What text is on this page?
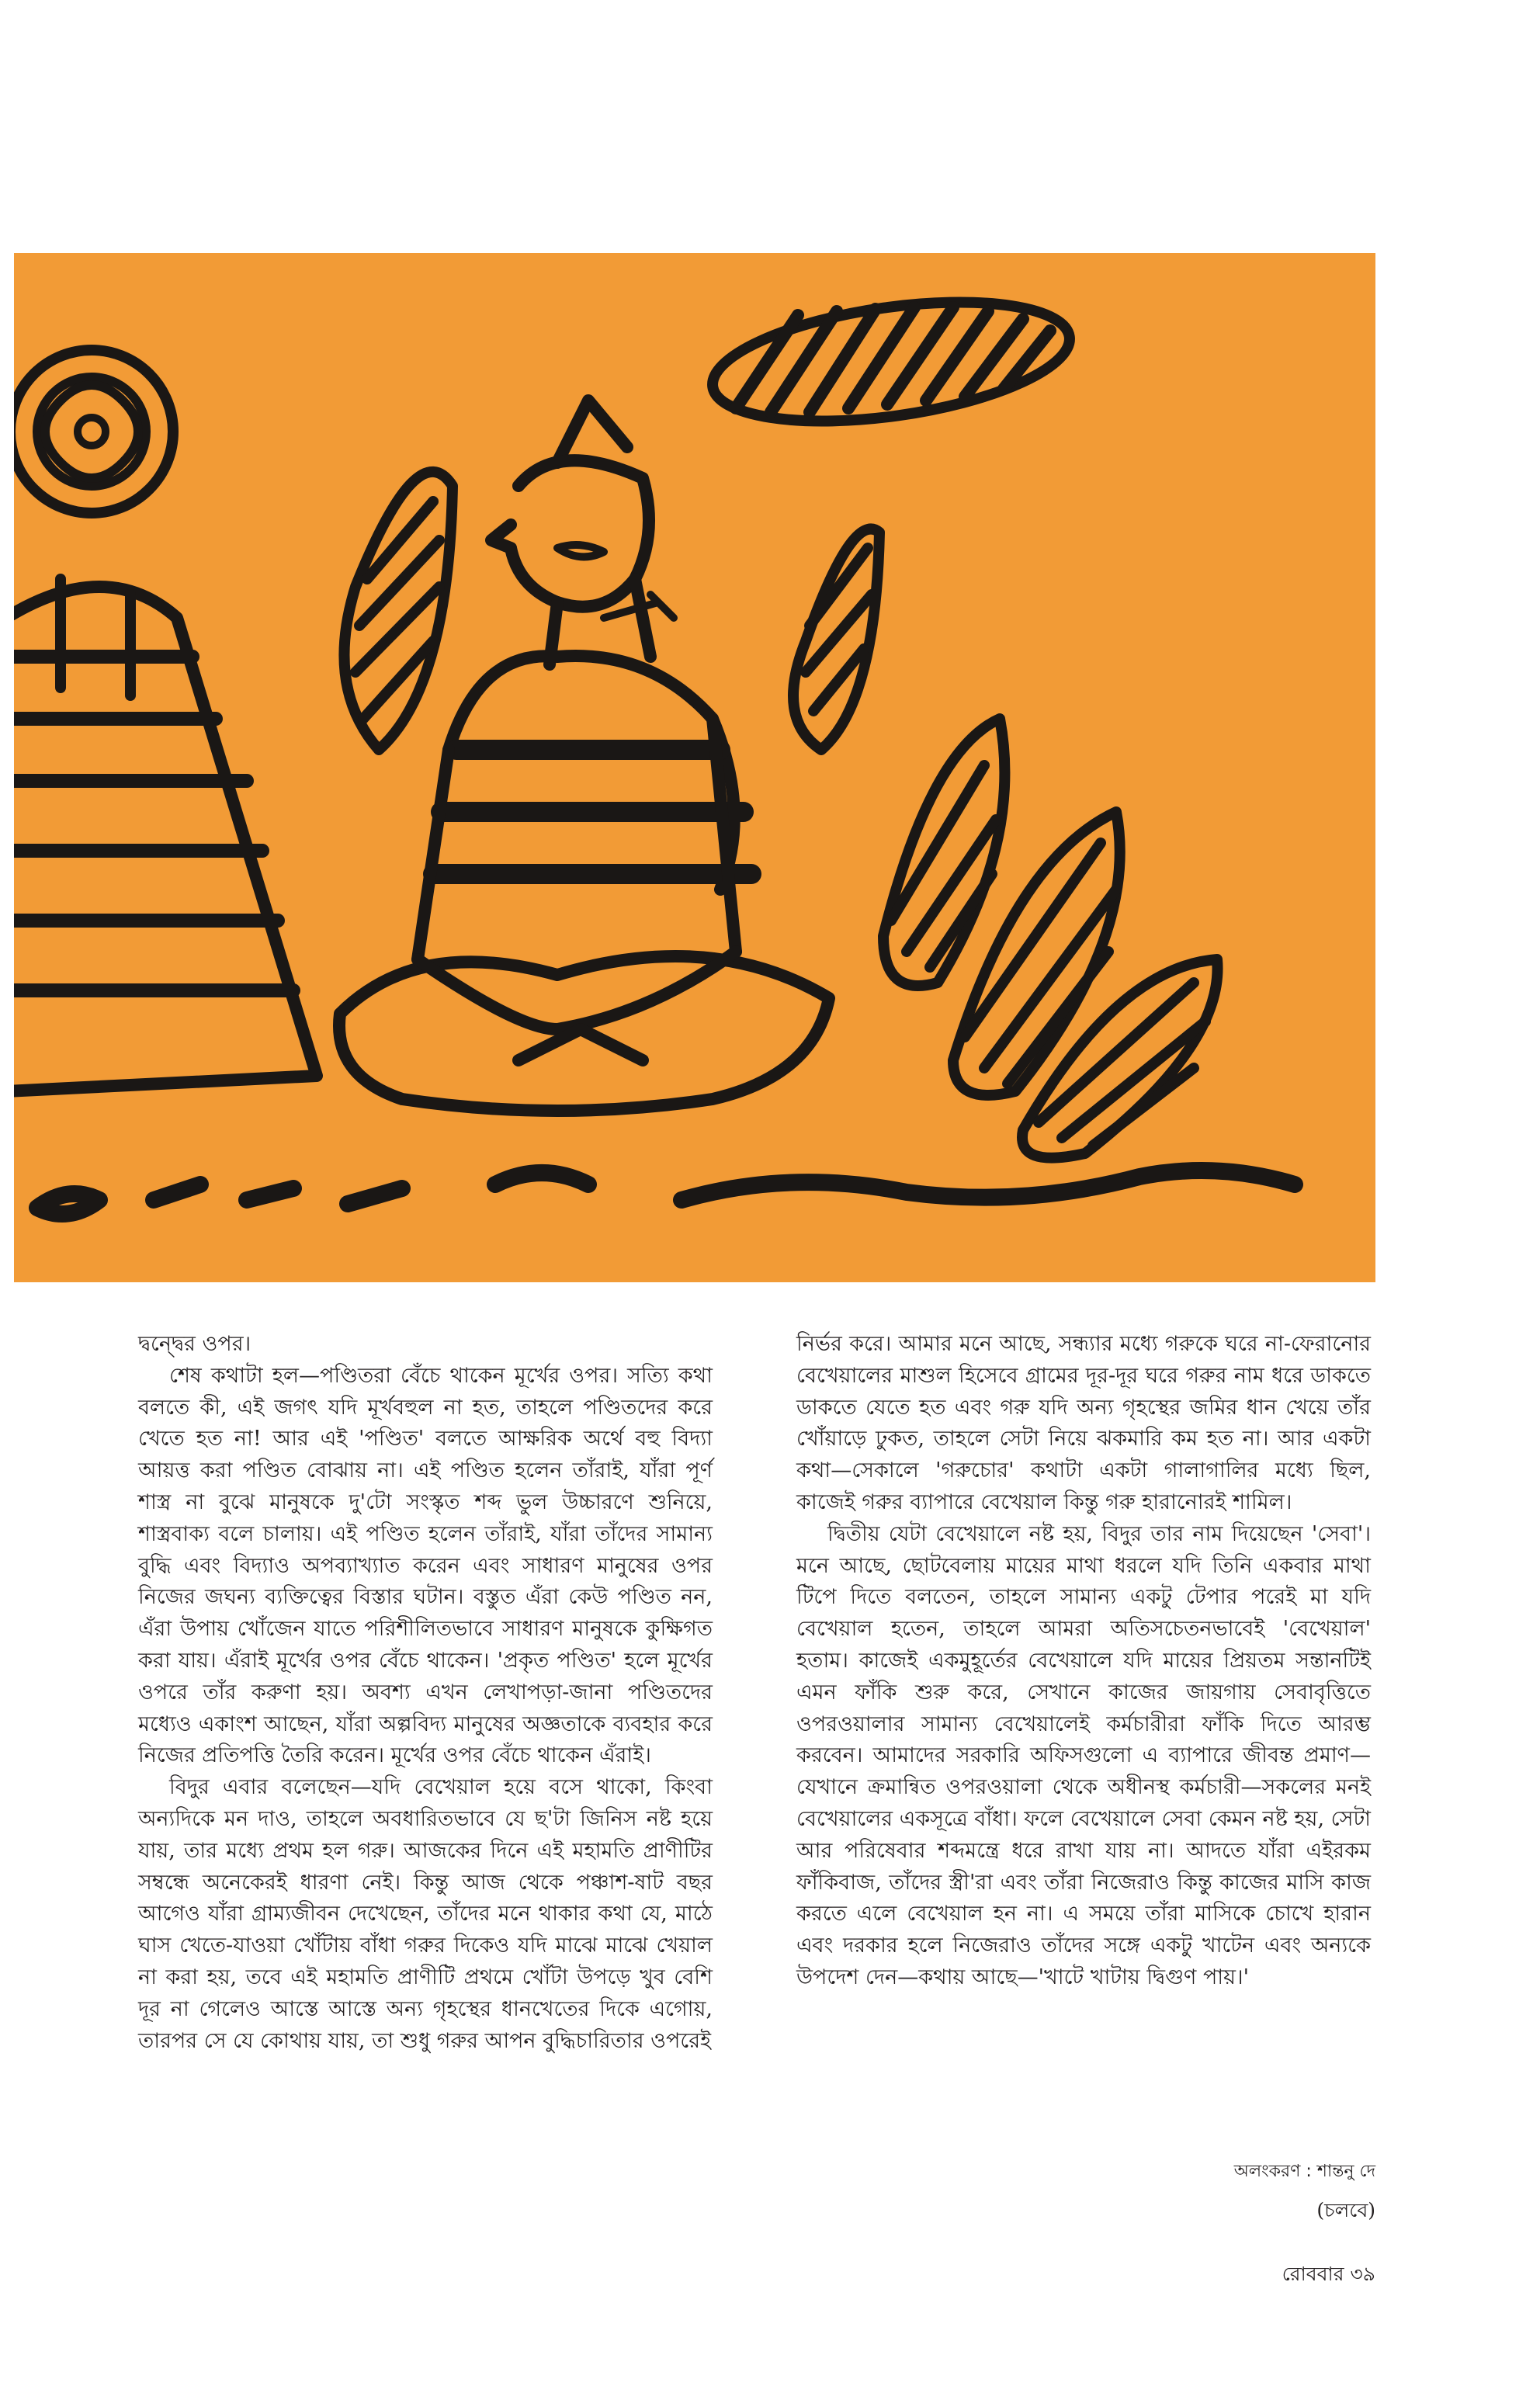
দ্বন্দ্বের ওপর।

শেষ কথাটা হল—পণ্ডিতরা বেঁচে থাকেন মূর্খের ওপর। সত্যি কথা বলতে কী, এই জগৎ যদি মূর্খবহুল না হত, তাহলে পণ্ডিতদের করে খেতে হত না! আর এই 'পণ্ডিত' বলতে আক্ষরিক অর্থে বহু বিদ্যা আয়ত্ত করা পণ্ডিত বোঝায় না। এই পণ্ডিত হলেন তাঁরাই, যাঁরা পূর্ণ শাস্ত্র না বুঝে মানুষকে দু'টো সংস্কৃত শব্দ ভুল উচ্চারণে শুনিয়ে, শাস্ত্রবাক্য বলে চালায়। এই পণ্ডিত হলেন তাঁরাই, যাঁরা তাঁদের সামান্য বুদ্ধি এবং বিদ্যাও অপব্যাখ্যাত করেন এবং সাধারণ মানুষের ওপর নিজের জঘন্য ব্যক্তিত্বের বিস্তার ঘটান। বস্তুত এঁরা কেউ পণ্ডিত নন, এঁরা উপায় খোঁজেন যাতে পরিশীলিতভাবে সাধারণ মানুষকে কুক্ষিগত করা যায়। এঁরাই মূর্খের ওপর বেঁচে থাকেন। 'প্রকৃত পণ্ডিত' হলে মূর্খের ওপরে তাঁর করুণা হয়। অবশ্য এখন লেখাপড়া-জানা পণ্ডিতদের মধ্যেও একাংশ আছেন, যাঁরা অল্পবিদ্য মানুষের অজ্ঞতাকে ব্যবহার করে নিজের প্রতিপত্তি তৈরি করেন। মূর্খের ওপর বেঁচে থাকেন এঁরাই।

বিদুর এবার বলেছেন—যদি বেখেয়াল হয়ে বসে থাকো, কিংবা অন্যদিকে মন দাও, তাহলে অবধারিতভাবে যে ছ'টা জিনিস নষ্ট হয়ে যায়, তার মধ্যে প্রথম হল গরু। আজকের দিনে এই মহামতি প্রাণীটির সম্বন্ধে অনেকেরই ধারণা নেই। কিন্তু আজ থেকে পঞ্চাশ-ষাট বছর আগেও যাঁরা গ্রাম্যজীবন দেখেছেন, তাঁদের মনে থাকার কথা যে, মাঠে ঘাস খেতে-যাওয়া খোঁটায় বাঁধা গরুর দিকেও যদি মাঝে মাঝে খেয়াল না করা হয়, তবে এই মহামতি প্রাণীটি প্রথমে খোঁটা উপড়ে খুব বেশি দূর না গেলেও আস্তে আস্তে অন্য গৃহস্থের ধানখেতের দিকে এগোয়, তারপর সে যে কোথায় যায়, তা শুধু গরুর আপন বুদ্ধিচারিতার ওপরেই

নির্ভর করে। আমার মনে আছে, সন্ধ্যার মধ্যে গরুকে ঘরে না-ফেরানোর বেখেয়ালের মাশুল হিসেবে গ্রামের দূর-দূর ঘরে গরুর নাম ধরে ডাকতে ডাকতে যেতে হত এবং গরু যদি অন্য গৃহস্থের জমির ধান খেয়ে তাঁর খোঁয়াড়ে ঢুকত, তাহলে সেটা নিয়ে ঝকমারি কম হত না। আর একটা কথা—সেকালে 'গরুচোর' কথাটা একটা গালাগালির মধ্যে ছিল, কাজেই গরুর ব্যাপারে বেখেয়াল কিন্তু গরু হারানোরই শামিল।

দ্বিতীয় যেটা বেখেয়ালে নষ্ট হয়, বিদুর তার নাম দিয়েছেন 'সেবা'। মনে আছে, ছোটবেলায় মায়ের মাথা ধরলে যদি তিনি একবার মাথা টিপে দিতে বলতেন, তাহলে সামান্য একটু টেপার পরেই মা যদি বেখেয়াল হতেন, তাহলে আমরা অতিসচেতনভাবেই 'বেখেয়াল' হতাম। কাজেই একমুহূর্তের বেখেয়ালে যদি মায়ের প্রিয়তম সন্তানটিই এমন ফাঁকি শুরু করে, সেখানে কাজের জায়গায় সেবাবৃত্তিতে ওপরওয়ালার সামান্য বেখেয়ালেই কর্মচারীরা ফাঁকি দিতে আরম্ভ করবেন। আমাদের সরকারি অফিসগুলো এ ব্যাপারে জীবন্ত প্রমাণ—যেখানে ক্রমান্বিত ওপরওয়ালা থেকে অধীনস্থ কর্মচারী—সকলের মনই বেখেয়ালের একসূত্রে বাঁধা। ফলে বেখেয়ালে সেবা কেমন নষ্ট হয়, সেটা আর পরিষেবার শব্দমন্ত্রে ধরে রাখা যায় না। আদতে যাঁরা এইরকম ফাঁকিবাজ, তাঁদের স্ত্রী'রা এবং তাঁরা নিজেরাও কিন্তু কাজের মাসি কাজ করতে এলে বেখেয়াল হন না। এ সময়ে তাঁরা মাসিকে চোখে হারান এবং দরকার হলে নিজেরাও তাঁদের সঙ্গে একটু খাটেন এবং অন্যকে উপদেশ দেন—কথায় আছে—'খাটে খাটায় দ্বিগুণ পায়।'

অলংকরণ : শান্তনু দে
(চলবে)
রোববার ৩৯
